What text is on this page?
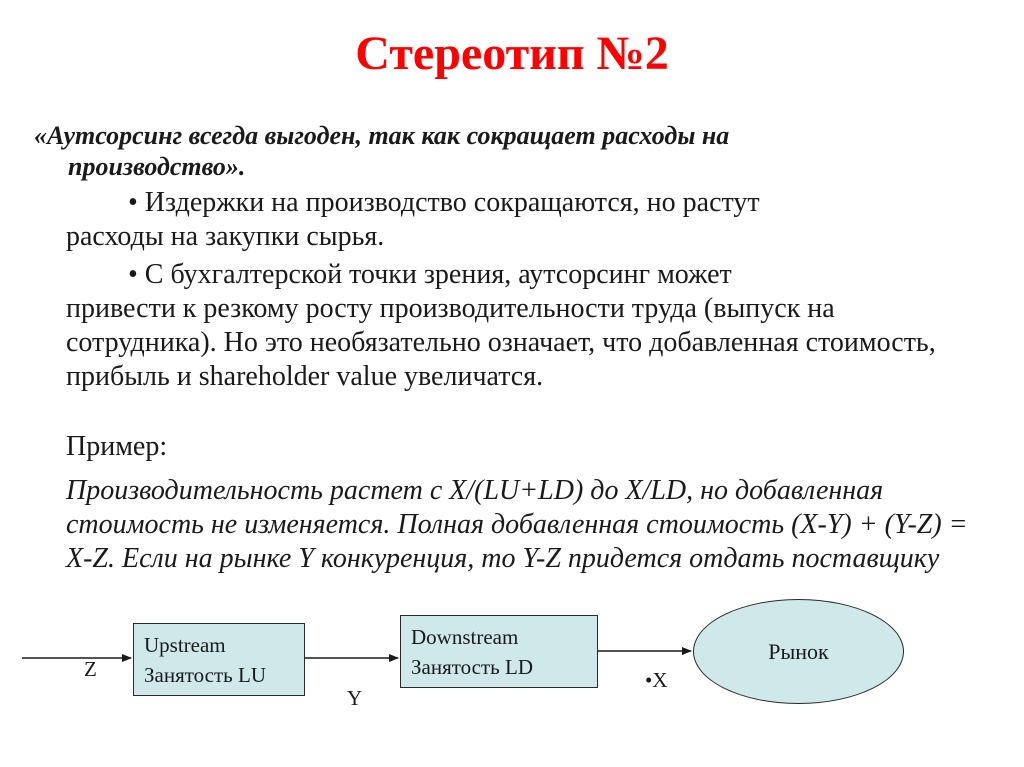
Стереотип №2
«Аутсорсинг всегда выгоден, так как сокращает расходы на
производство».
• Издержки на производство сокращаются, но растут
расходы на закупки сырья.
• С бухгалтерской точки зрения, аутсорсинг может
привести к резкому росту производительности труда (выпуск на сотрудника). Но это необязательно означает, что добавленная стоимость, прибыль и shareholder value увеличатся.
Пример:
Производительность растет с X/(LU+LD) до X/LD, но добавленная стоимость не изменяется. Полная добавленная стоимость (X-Y) + (Y-Z) = X-Z. Если на рынке Y конкуренция, то Y-Z придется отдать поставщику
Upstream
Занятость LU
Downstream
Занятость LD
Рынок
Z
Y
•X
